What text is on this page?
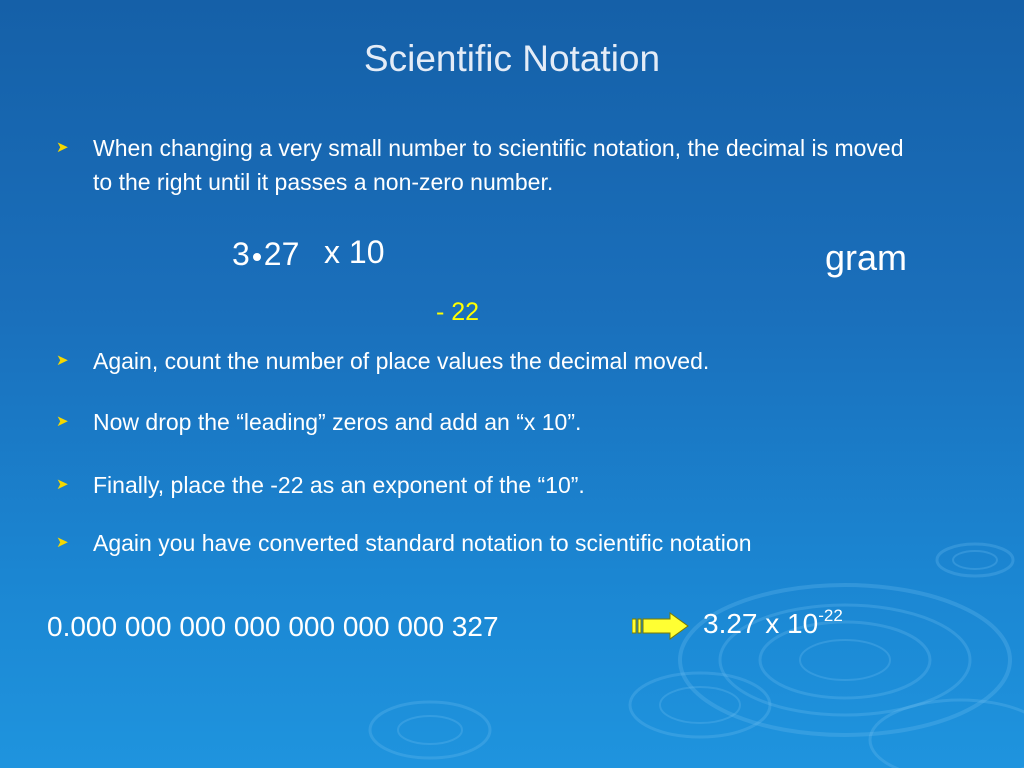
Scientific Notation
➤	When changing a very small number to scientific notation, the decimal is moved to the right until it passes a non-zero number.
3 27 x 10	gram
- 22
➤	Again, count the number of place values the decimal moved.
➤	Now drop the “leading” zeros and add an “x 10”.
➤	Finally, place the -22 as an exponent of the “10”.
➤	Again you have converted standard notation to scientific notation
0.000 000 000 000 000 000 000 327	3.27 x $10^{-22}$
